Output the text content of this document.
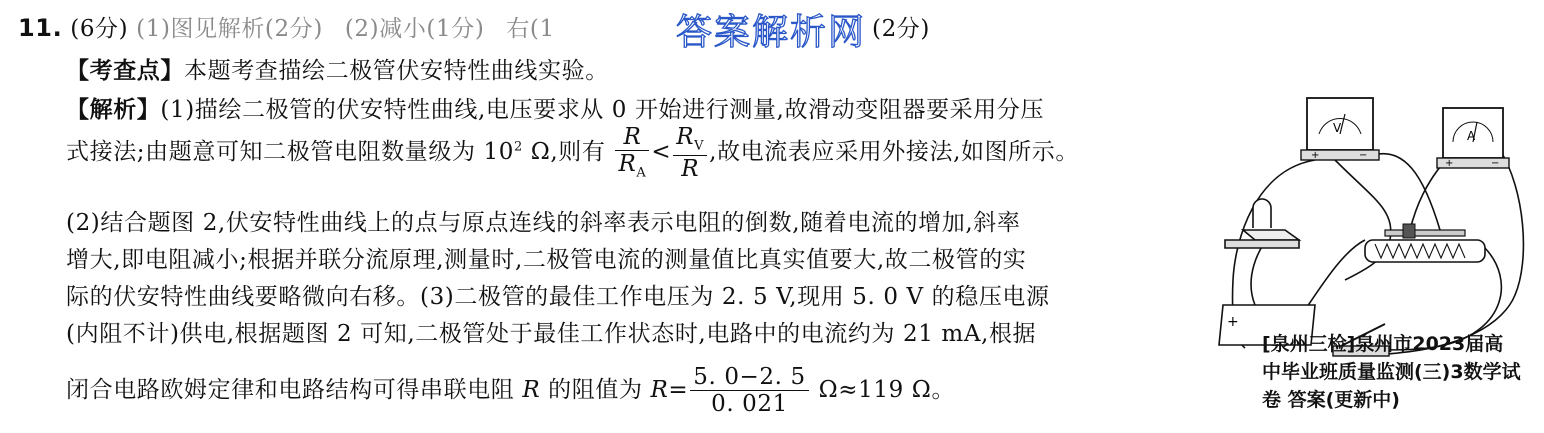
11. (6分) (1)图见解析(2分) (2)减小(1分) 右(1	(2分)
答案解析网
【考查点】本题考查描绘二极管伏安特性曲线实验。
【解析】(1)描绘二极管的伏安特性曲线,电压要求从 0 开始进行测量,故滑动变阻器要采用分压
式接法;由题意可知二极管电阻数量级为 $10^2$ Ω,则有 $\frac{R}{R_A} < \frac{R_V}{R}$ ,故电流表应采用外接法,如图所示。
(2)结合题图 2,伏安特性曲线上的点与原点连线的斜率表示电阻的倒数,随着电流的增加,斜率
增大,即电阻减小;根据并联分流原理,测量时,二极管电流的测量值比真实值要大,故二极管的实
际的伏安特性曲线要略微向右移。(3)二极管的最佳工作电压为 2. 5 V,现用 5. 0 V 的稳压电源
(内阻不计)供电,根据题图 2 可知,二极管处于最佳工作状态时,电路中的电流约为 21 mA,根据
闭合电路欧姆定律和电路结构可得串联电阻 R 的阻值为 $R= \frac{5. 0-2. 5}{0. 021} \Omega\approx 119$ Ω。
V
+	−
A
+	−
+
[泉州三检]泉州市2023届高
中毕业班质量监测(三)3数学试
卷 答案(更新中)
